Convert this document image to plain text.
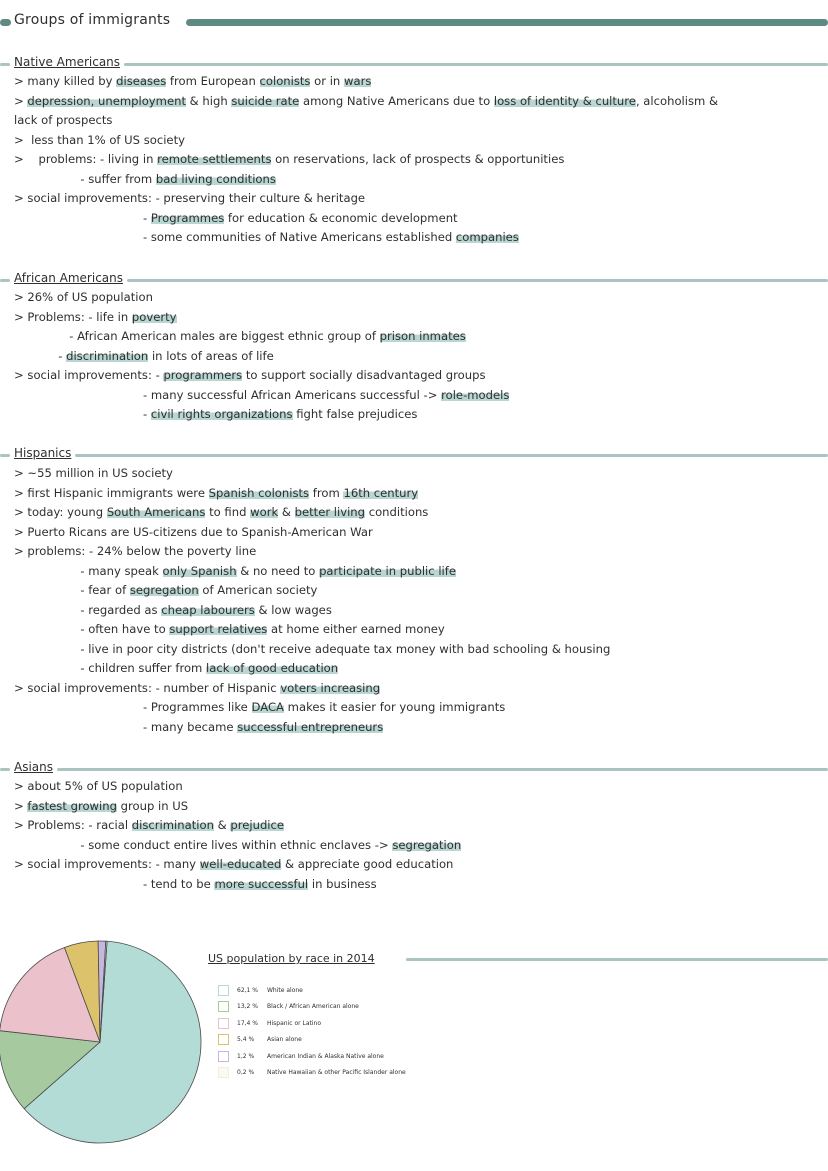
Groups of immigrants
Native Americans
> many killed by diseases from European colonists or in wars
> depression, unemployment & high suicide rate among Native Americans due to loss of identity & culture, alcoholism &
lack of prospects
>  less than 1% of US society
>    problems: - living in remote settlements on reservations, lack of prospects & opportunities
- suffer from bad living conditions
> social improvements: - preserving their culture & heritage
- Programmes for education & economic development
- some communities of Native Americans established companies
African Americans
> 26% of US population
> Problems: - life in poverty
- African American males are biggest ethnic group of prison inmates
- discrimination in lots of areas of life
> social improvements: - programmers to support socially disadvantaged groups
- many successful African Americans successful -> role-models
- civil rights organizations fight false prejudices
Hispanics
> ~55 million in US society
> first Hispanic immigrants were Spanish colonists from 16th century
> today: young South Americans to find work & better living conditions
> Puerto Ricans are US-citizens due to Spanish-American War
> problems: - 24% below the poverty line
- many speak only Spanish & no need to participate in public life
- fear of segregation of American society
- regarded as cheap labourers & low wages
- often have to support relatives at home either earned money
- live in poor city districts (don't receive adequate tax money with bad schooling & housing
- children suffer from lack of good education
> social improvements: - number of Hispanic voters increasing
- Programmes like DACA makes it easier for young immigrants
- many became successful entrepreneurs
Asians
> about 5% of US population
> fastest growing group in US
> Problems: - racial discrimination & prejudice
- some conduct entire lives within ethnic enclaves -> segregation
> social improvements: - many well-educated & appreciate good education
- tend to be more successful in business
US population by race in 2014
62,1 %	White alone
13,2 %	Black / African American alone
17,4 %	Hispanic or Latino
5,4 %	Asian alone
1,2 %	American Indian & Alaska Native alone
0,2 %	Native Hawaiian & other Pacific Islander alone
